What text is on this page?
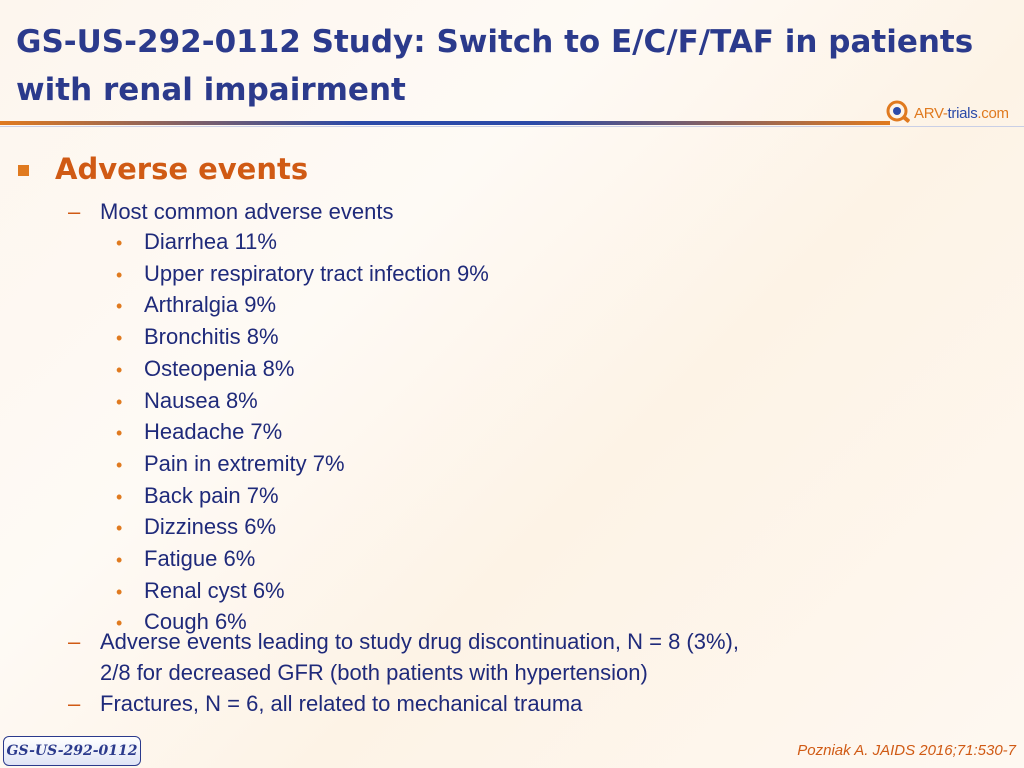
GS-US-292-0112 Study: Switch to E/C/F/TAF in patients with renal impairment
ARV-trials.com
Adverse events
– Most common adverse events
• Diarrhea 11%
• Upper respiratory tract infection 9%
• Arthralgia 9%
• Bronchitis 8%
• Osteopenia 8%
• Nausea 8%
• Headache 7%
• Pain in extremity 7%
• Back pain 7%
• Dizziness 6%
• Fatigue 6%
• Renal cyst 6%
• Cough 6%
– Adverse events leading to study drug discontinuation, N = 8 (3%),
2/8 for decreased GFR (both patients with hypertension)
– Fractures, N = 6, all related to mechanical trauma
GS-US-292-0112	Pozniak A. JAIDS 2016;71:530-7
